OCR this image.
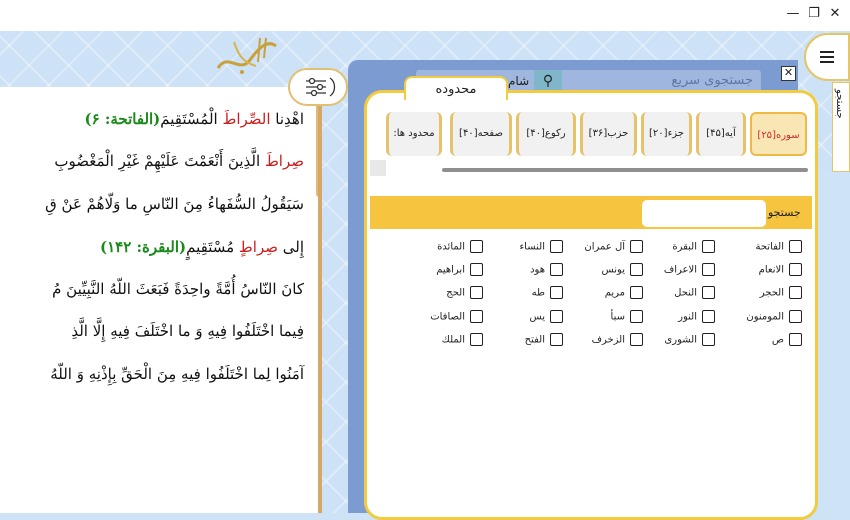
— ❐ ✕
اهْدِنا الصِّراطَ الْمُسْتَقِيمَ(الفاتحة: ۶)
صِراطَ الَّذِينَ أَنْعَمْتَ عَلَيْهِمْ غَيْرِ الْمَغْضُوبِ
سَيَقُولُ السُّفَهاءُ مِنَ النّاسِ ما وَلّاهُمْ عَنْ قِ
إِلى صِراطٍ مُسْتَقِيمٍ(البقرة: ۱۴۲)
كانَ النّاسُ أُمَّةً واحِدَةً فَبَعَثَ اللّهُ النَّبِيِّينَ مُ
فِيما اخْتَلَفُوا فِيهِ وَ ما اخْتَلَفَ فِيهِ إِلَّا الَّذِ
آمَنُوا لِما اخْتَلَفُوا فِيهِ مِنَ الْحَقِّ بِإِذْنِهِ وَ اللّهُ
جستجوی سریع
شام ⚲
✕
جستجو
محدوده
سوره[۲۵]
آیه[۴۵]
جزء[۲۰]
حزب[۳۶]
رکوع[۴۰]
صفحه[۴۰]
محدود ها:
جستجو
الفاتحة
البقرة
آل عمران
النساء
المائدة
الانعام
الاعراف
يونس
هود
ابراهيم
الحجر
النحل
مريم
طه
الحج
المومنون
النور
سبأ
يس
الصافات
ص
الشورى
الزخرف
الفتح
الملك
